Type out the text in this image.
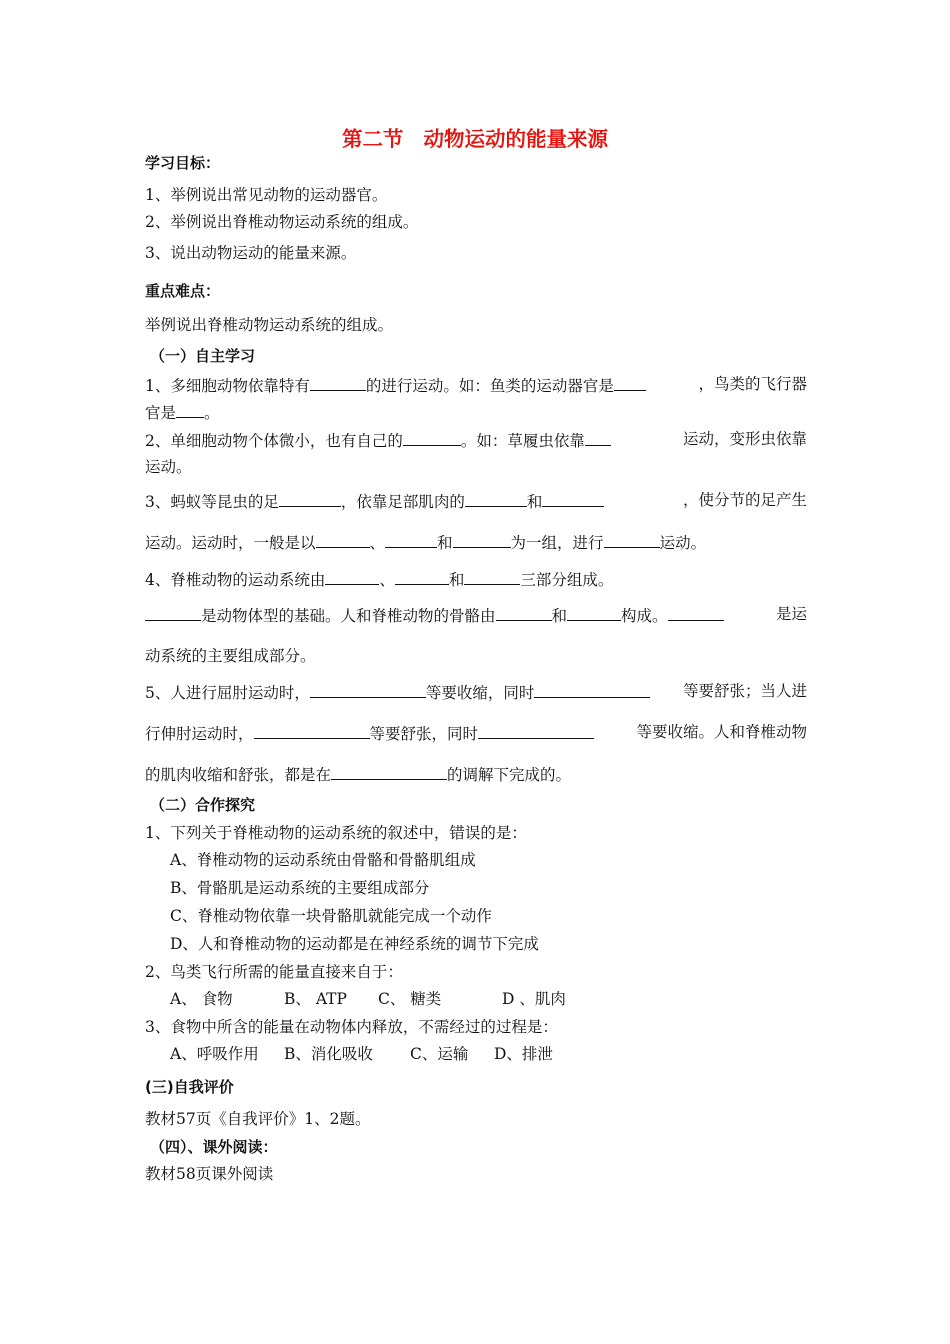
第二节 动物运动的能量来源
学习目标：
1、举例说出常见动物的运动器官。
2、举例说出脊椎动物运动系统的组成。
3、说出动物运动的能量来源。
重点难点：
举例说出脊椎动物运动系统的组成。
（一）自主学习
1、多细胞动物依靠特有	的进行运动。如：鱼类的运动器官是	，鸟类的飞行器
官是 。
2、单细胞动物个体微小，也有自己的	。如：草履虫依靠	运动，变形虫依靠
运动。
3、蚂蚁等昆虫的足	，依靠足部肌肉的	和	，使分节的足产生
运动。运动时，一般是以	、	和	为一组，进行	运动。
4、脊椎动物的运动系统由	、	和	三部分组成。
是动物体型的基础。人和脊椎动物的骨骼由	和	构成。	是运
动系统的主要组成部分。
5、人进行屈肘运动时，	等要收缩，同时	等要舒张；当人进
行伸肘运动时，	等要舒张，同时	等要收缩。人和脊椎动物
的肌肉收缩和舒张，都是在	的调解下完成的。
（二）合作探究
1、下列关于脊椎动物的运动系统的叙述中，错误的是：
A、脊椎动物的运动系统由骨骼和骨骼肌组成
B、骨骼肌是运动系统的主要组成部分
C、脊椎动物依靠一块骨骼肌就能完成一个动作
D、人和脊椎动物的运动都是在神经系统的调节下完成
2、鸟类飞行所需的能量直接来自于：
A、 食物	B、 ATP C、 糖类	D 、肌肉
3、食物中所含的能量在动物体内释放，不需经过的过程是：
A、呼吸作用 B、消化吸收 C、运输 D、排泄
(三)自我评价
教材57页《自我评价》1、2题。
（四）、课外阅读：
教材58页课外阅读
